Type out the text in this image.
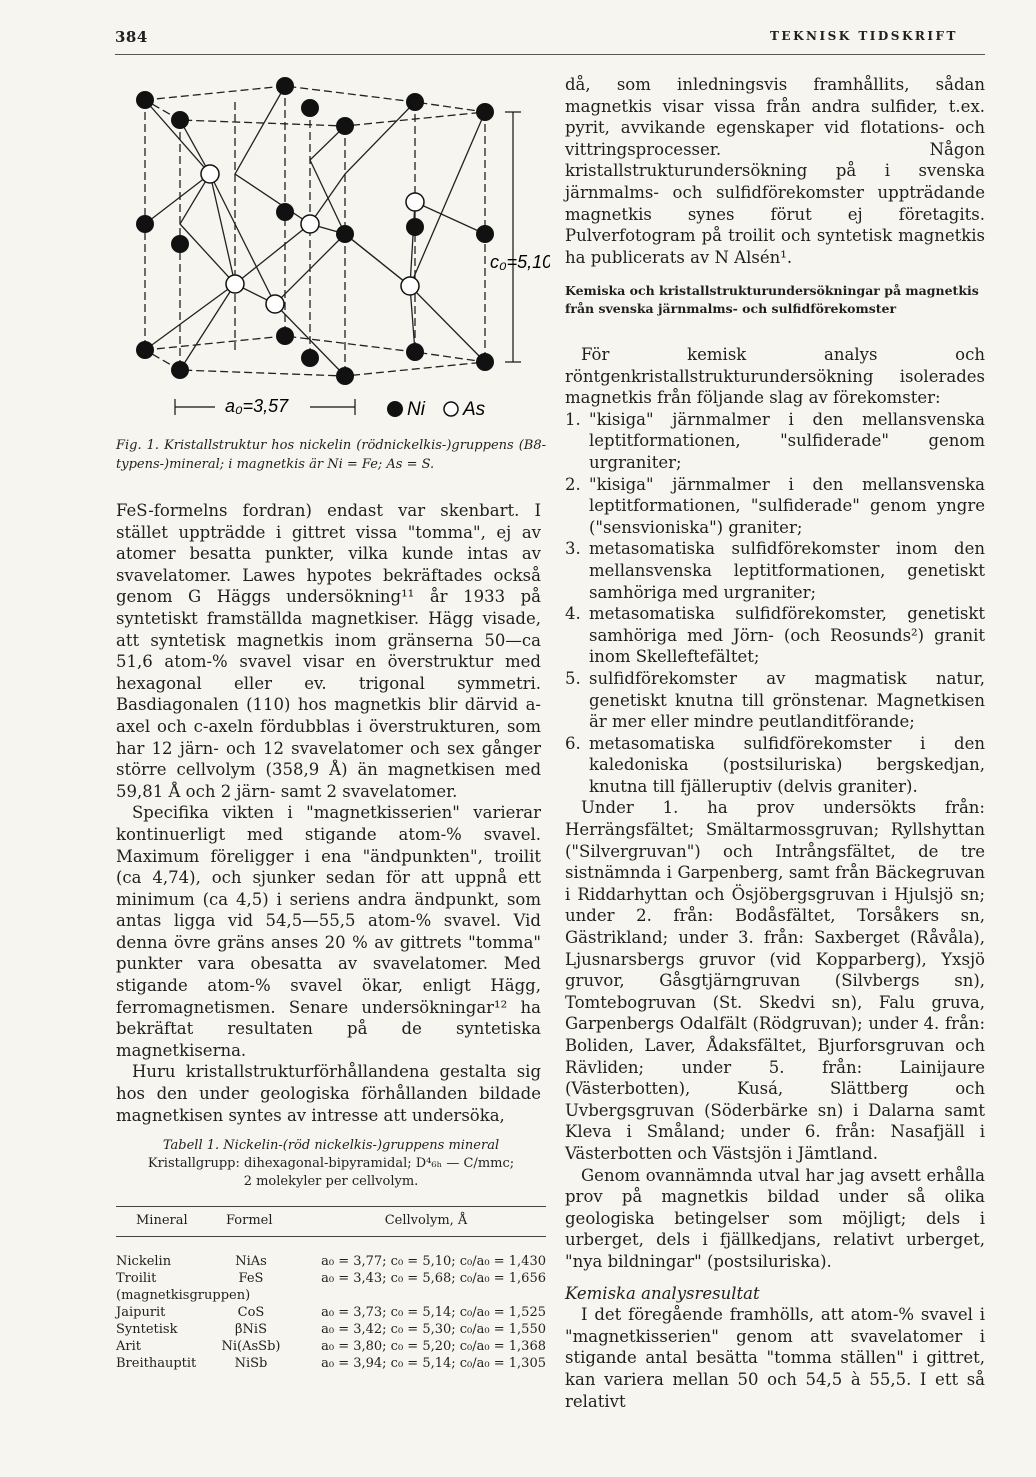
384	TEKNISK TIDSKRIFT
c₀=5,10
a₀=3,57	Ni As
Fig. 1. Kristallstruktur hos nickelin (rödnickelkis-)gruppens (B8-typens-)mineral; i magnetkis är Ni = Fe; As = S.

FeS-formelns fordran) endast var skenbart. I stället uppträdde i gittret vissa "tomma", ej av atomer besatta punkter, vilka kunde intas av svavelatomer. Lawes hypotes bekräftades också genom G Häggs undersökning¹¹ år 1933 på syntetiskt framställda magnetkiser. Hägg visade, att syntetisk magnetkis inom gränserna 50—ca 51,6 atom-% svavel visar en överstruktur med hexagonal eller ev. trigonal symmetri. Basdiagonalen (110) hos magnetkis blir därvid a-axel och c-axeln fördubblas i överstrukturen, som har 12 järn- och 12 svavelatomer och sex gånger större cellvolym (358,9 Å) än magnetkisen med 59,81 Å och 2 järn- samt 2 svavelatomer.

Specifika vikten i "magnetkisserien" varierar kontinuerligt med stigande atom-% svavel. Maximum föreligger i ena "ändpunkten", troilit (ca 4,74), och sjunker sedan för att uppnå ett minimum (ca 4,5) i seriens andra ändpunkt, som antas ligga vid 54,5—55,5 atom-% svavel. Vid denna övre gräns anses 20 % av gittrets "tomma" punkter vara obesatta av svavelatomer. Med stigande atom-% svavel ökar, enligt Hägg, ferromagnetismen. Senare undersökningar¹² ha bekräftat resultaten på de syntetiska magnetkiserna.

Huru kristallstrukturförhållandena gestalta sig hos den under geologiska förhållanden bildade magnetkisen syntes av intresse att undersöka,

Tabell 1. Nickelin-(röd nickelkis-)gruppens mineral
Kristallgrupp: dihexagonal-bipyramidal; D⁴₆ₕ — C/mmc;
2 molekyler per cellvolym.
Mineral	Formel	Cellvolym, Å
Nickelin	NiAs	a₀ = 3,77; c₀ = 5,10; c₀/a₀ = 1,430
Troilit	FeS	a₀ = 3,43; c₀ = 5,68; c₀/a₀ = 1,656
(magnetkisgruppen)
Jaipurit	CoS	a₀ = 3,73; c₀ = 5,14; c₀/a₀ = 1,525
Syntetisk	βNiS	a₀ = 3,42; c₀ = 5,30; c₀/a₀ = 1,550
Arit	Ni(AsSb)	a₀ = 3,80; c₀ = 5,20; c₀/a₀ = 1,368
Breithauptit	NiSb	a₀ = 3,94; c₀ = 5,14; c₀/a₀ = 1,305

då, som inledningsvis framhållits, sådan magnetkis visar vissa från andra sulfider, t.ex. pyrit, avvikande egenskaper vid flotations- och vittringsprocesser. Någon kristallstrukturundersökning på i svenska järnmalms- och sulfidförekomster uppträdande magnetkis synes förut ej företagits. Pulverfotogram på troilit och syntetisk magnetkis ha publicerats av N Alsén¹.

Kemiska och kristallstrukturundersökningar på magnetkis från svenska järnmalms- och sulfidförekomster

För kemisk analys och röntgenkristallstrukturundersökning isolerades magnetkis från följande slag av förekomster:

1. "kisiga" järnmalmer i den mellansvenska leptitformationen, "sulfiderade" genom urgraniter;
2. "kisiga" järnmalmer i den mellansvenska leptitformationen, "sulfiderade" genom yngre ("sensvioniska") graniter;
3. metasomatiska sulfidförekomster inom den mellansvenska leptitformationen, genetiskt samhöriga med urgraniter;
4. metasomatiska sulfidförekomster, genetiskt samhöriga med Jörn- (och Reosunds²) granit inom Skelleftefältet;
5. sulfidförekomster av magmatisk natur, genetiskt knutna till grönstenar. Magnetkisen är mer eller mindre peutlanditförande;
6. metasomatiska sulfidförekomster i den kaledoniska (postsiluriska) bergskedjan, knutna till fjälleruptiv (delvis graniter).

Under 1. ha prov undersökts från: Herrängsfältet; Smältarmossgruvan; Ryllshyttan ("Silvergruvan") och Intrångsfältet, de tre sistnämnda i Garpenberg, samt från Bäckegruvan i Riddarhyttan och Ösjöbergsgruvan i Hjulsjö sn; under 2. från: Bodåsfältet, Torsåkers sn, Gästrikland; under 3. från: Saxberget (Råvåla), Ljusnarsbergs gruvor (vid Kopparberg), Yxsjö gruvor, Gåsgtjärngruvan (Silvbergs sn), Tomtebogruvan (St. Skedvi sn), Falu gruva, Garpenbergs Odalfält (Rödgruvan); under 4. från: Boliden, Laver, Ådaksfältet, Bjurforsgruvan och Rävliden; under 5. från: Lainijaure (Västerbotten), Kusá, Slättberg och Uvbergsgruvan (Söderbärke sn) i Dalarna samt Kleva i Småland; under 6. från: Nasafjäll i Västerbotten och Västsjön i Jämtland.

Genom ovannämnda utval har jag avsett erhålla prov på magnetkis bildad under så olika geologiska betingelser som möjligt; dels i urberget, dels i fjällkedjans, relativt urberget, "nya bildningar" (postsiluriska).

Kemiska analysresultat

I det föregående framhölls, att atom-% svavel i "magnetkisserien" genom att svavelatomer i stigande antal besätta "tomma ställen" i gittret, kan variera mellan 50 och 54,5 à 55,5. I ett så relativt
